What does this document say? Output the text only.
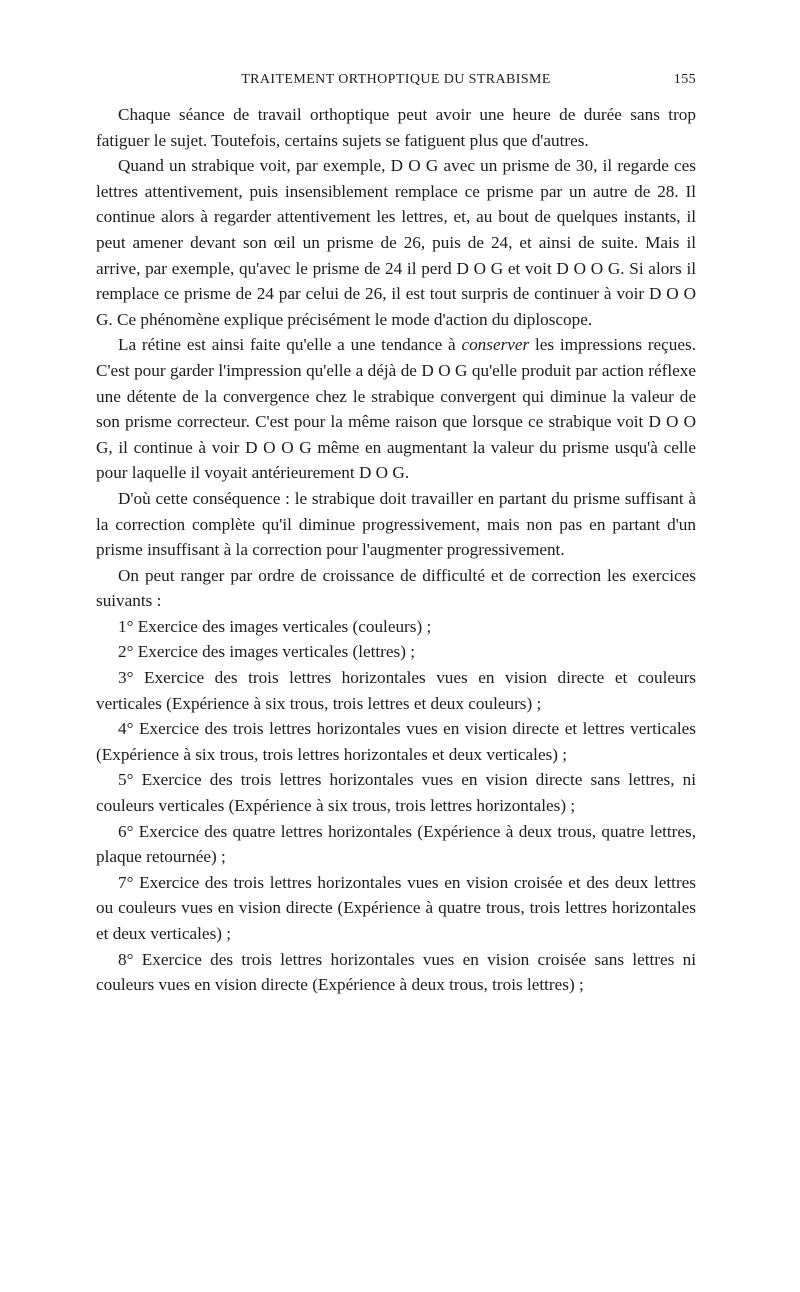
TRAITEMENT ORTHOPTIQUE DU STRABISME	155

Chaque séance de travail orthoptique peut avoir une heure de durée sans trop fatiguer le sujet. Toutefois, certains sujets se fatiguent plus que d'autres.

Quand un strabique voit, par exemple, D O G avec un prisme de 30, il regarde ces lettres attentivement, puis insensiblement remplace ce prisme par un autre de 28. Il continue alors à regarder attentivement les lettres, et, au bout de quelques instants, il peut amener devant son œil un prisme de 26, puis de 24, et ainsi de suite. Mais il arrive, par exemple, qu'avec le prisme de 24 il perd D O G et voit D O O G. Si alors il remplace ce prisme de 24 par celui de 26, il est tout surpris de continuer à voir D O O G. Ce phénomène explique précisément le mode d'action du diploscope.

La rétine est ainsi faite qu'elle a une tendance à conserver les impressions reçues. C'est pour garder l'impression qu'elle a déjà de D O G qu'elle produit par action réflexe une détente de la convergence chez le strabique convergent qui diminue la valeur de son prisme correcteur. C'est pour la même raison que lorsque ce strabique voit D O O G, il continue à voir D O O G même en augmentant la valeur du prisme usqu'à celle pour laquelle il voyait antérieurement D O G.

D'où cette conséquence : le strabique doit travailler en partant du prisme suffisant à la correction complète qu'il diminue progressivement, mais non pas en partant d'un prisme insuffisant à la correction pour l'augmenter progressivement.

On peut ranger par ordre de croissance de difficulté et de correction les exercices suivants :

1° Exercice des images verticales (couleurs) ;

2° Exercice des images verticales (lettres) ;

3° Exercice des trois lettres horizontales vues en vision directe et couleurs verticales (Expérience à six trous, trois lettres et deux couleurs) ;

4° Exercice des trois lettres horizontales vues en vision directe et lettres verticales (Expérience à six trous, trois lettres horizontales et deux verticales) ;

5° Exercice des trois lettres horizontales vues en vision directe sans lettres, ni couleurs verticales (Expérience à six trous, trois lettres horizontales) ;

6° Exercice des quatre lettres horizontales (Expérience à deux trous, quatre lettres, plaque retournée) ;

7° Exercice des trois lettres horizontales vues en vision croisée et des deux lettres ou couleurs vues en vision directe (Expérience à quatre trous, trois lettres horizontales et deux verticales) ;

8° Exercice des trois lettres horizontales vues en vision croisée sans lettres ni couleurs vues en vision directe (Expérience à deux trous, trois lettres) ;
